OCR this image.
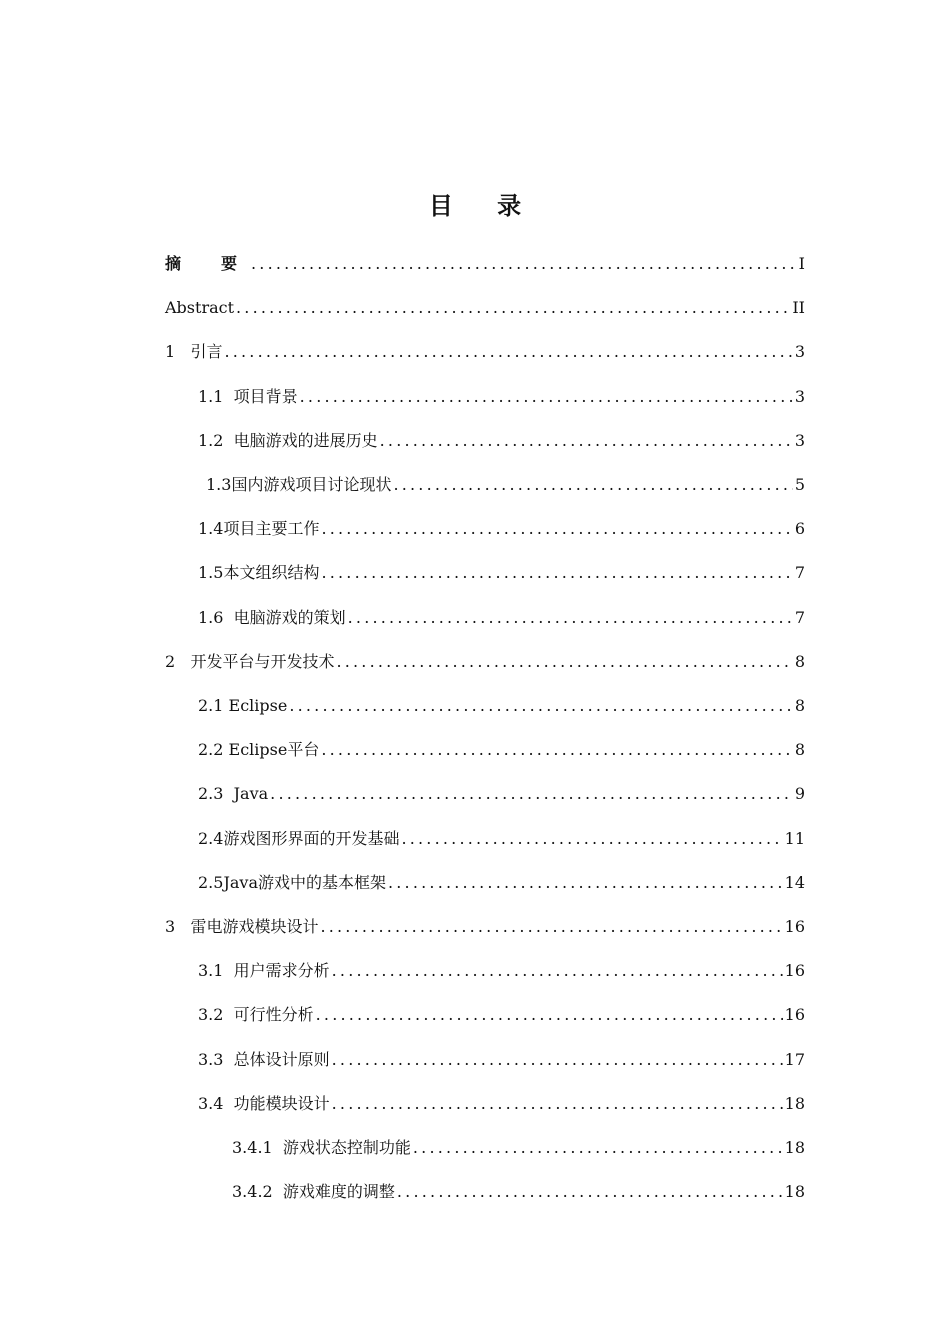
目 录
摘　要 .....	I
Abstract .....	II
1   引言 .....	3
1.1  项目背景 .....	3
1.2  电脑游戏的进展历史 .....	3
1.3国内游戏项目讨论现状 .....	5
1.4项目主要工作 .....	6
1.5本文组织结构 .....	7
1.6  电脑游戏的策划 .....	7
2   开发平台与开发技术 .....	8
2.1 Eclipse .....	8
2.2 Eclipse平台 .....	8
2.3  Java .....	9
2.4游戏图形界面的开发基础 .....	11
2.5Java游戏中的基本框架 .....	14
3   雷电游戏模块设计 .....	16
3.1  用户需求分析 .....	16
3.2  可行性分析 .....	16
3.3  总体设计原则 .....	17
3.4  功能模块设计 .....	18
3.4.1  游戏状态控制功能 .....	18
3.4.2  游戏难度的调整 .....	18
